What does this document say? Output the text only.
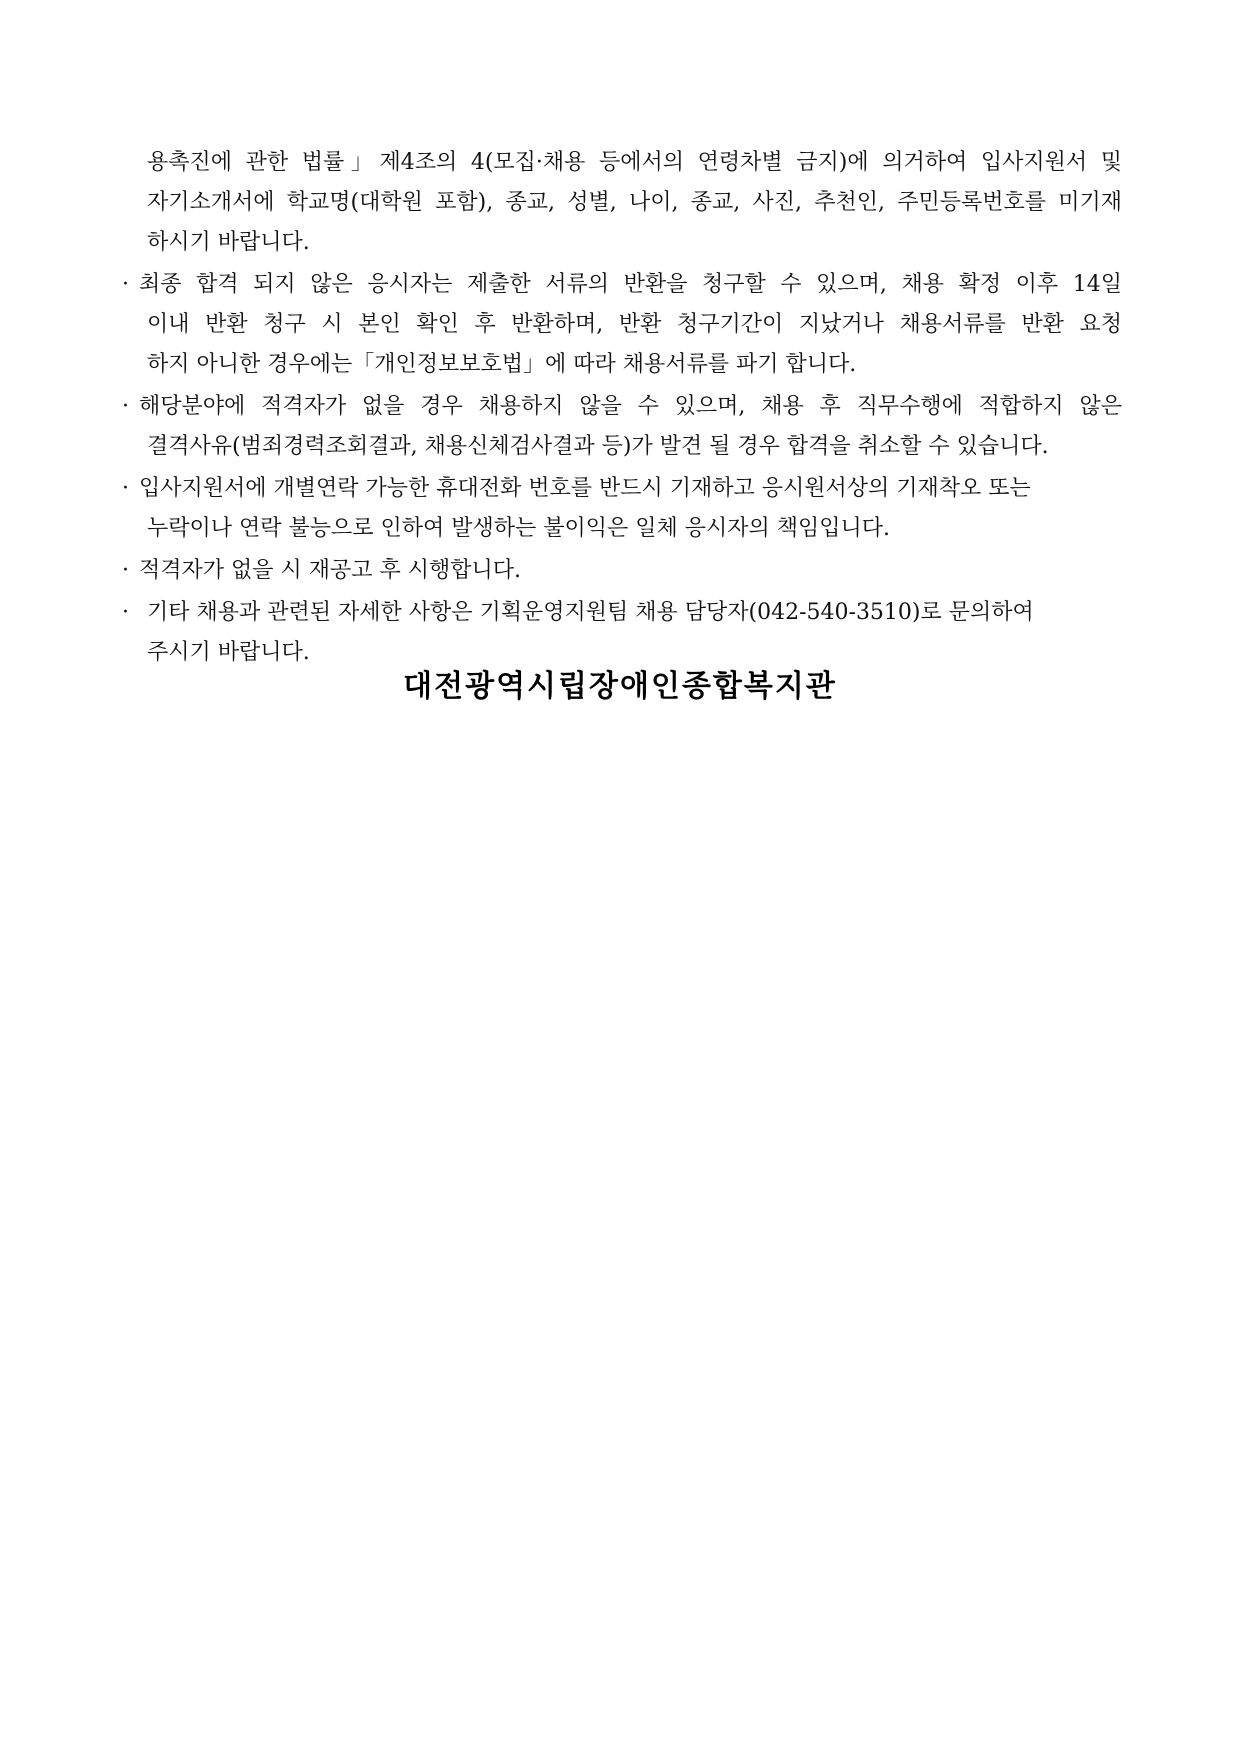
용촉진에 관한 법률」제4조의 4(모집·채용 등에서의 연령차별 금지)에 의거하여 입사지원서 및
자기소개서에 학교명(대학원 포함), 종교, 성별, 나이, 종교, 사진, 추천인, 주민등록번호를 미기재
하시기 바랍니다.
· 최종 합격 되지 않은 응시자는 제출한 서류의 반환을 청구할 수 있으며, 채용 확정 이후 14일
이내 반환 청구 시 본인 확인 후 반환하며, 반환 청구기간이 지났거나 채용서류를 반환 요청
하지 아니한 경우에는「개인정보보호법」에 따라 채용서류를 파기 합니다.
· 해당분야에 적격자가 없을 경우 채용하지 않을 수 있으며, 채용 후 직무수행에 적합하지 않은
결격사유(범죄경력조회결과, 채용신체검사결과 등)가 발견 될 경우 합격을 취소할 수 있습니다.
· 입사지원서에 개별연락 가능한 휴대전화 번호를 반드시 기재하고 응시원서상의 기재착오 또는
누락이나 연락 불능으로 인하여 발생하는 불이익은 일체 응시자의 책임입니다.
· 적격자가 없을 시 재공고 후 시행합니다.
· 기타 채용과 관련된 자세한 사항은 기획운영지원팀 채용 담당자(042-540-3510)로 문의하여
주시기 바랍니다.
대전광역시립장애인종합복지관
